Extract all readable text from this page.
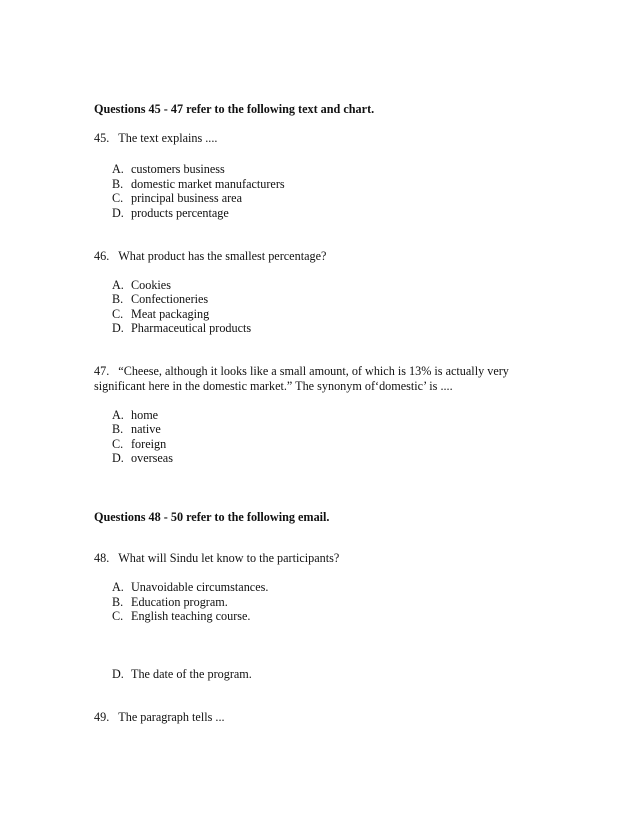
Questions 45 - 47 refer to the following text and chart.
45. The text explains ....
A. customers business
B. domestic market manufacturers
C. principal business area
D. products percentage
46. What product has the smallest percentage?
A. Cookies
B. Confectioneries
C. Meat packaging
D. Pharmaceutical products
47. “Cheese, although it looks like a small amount, of which is 13% is actually very
significant here in the domestic market.” The synonym of‘domestic’ is ....
A. home
B. native
C. foreign
D. overseas
Questions 48 - 50 refer to the following email.
48. What will Sindu let know to the participants?
A. Unavoidable circumstances.
B. Education program.
C. English teaching course.
D. The date of the program.
49. The paragraph tells ...
